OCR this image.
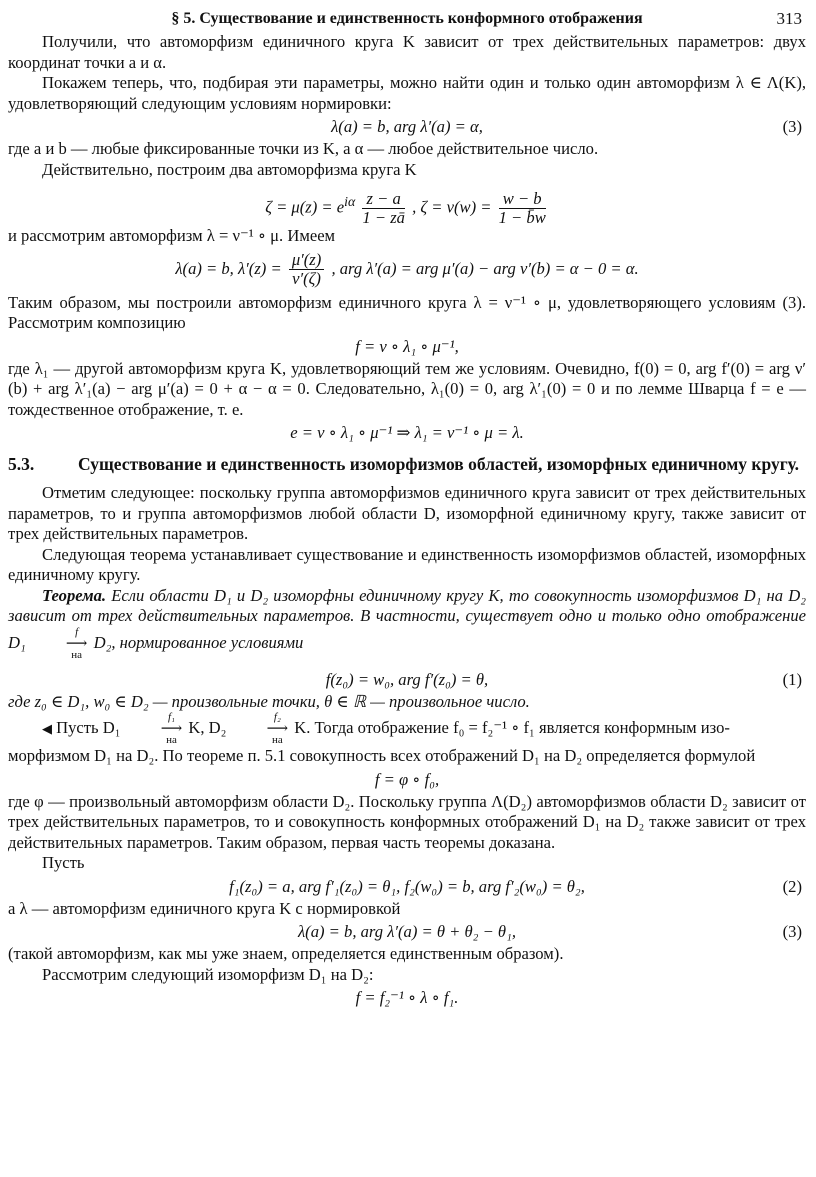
§ 5. Существование и единственность конформного отображения	313

Получили, что автоморфизм единичного круга K зависит от трех действительных параметров: двух координат точки a и α.

Покажем теперь, что, подбирая эти параметры, можно найти один и только один автоморфизм λ ∈ Λ(K), удовлетворяющий следующим условиям нормировки:

λ(a) = b, arg λ′(a) = α,	(3)

где a и b — любые фиксированные точки из K, а α — любое действительное число.

Действительно, построим два автоморфизма круга K

$\zeta = \mu(z) = e^{i\alpha} \frac{z - a}{1 - zā}$ , $\zeta = \nu(w) = \frac{w - b}{1 - b̄w}$

и рассмотрим автоморфизм λ = ν⁻¹ ∘ μ. Имеем

λ(a) = b, $\lambda'(z) = \frac{\mu'(z)}{\nu'(\zeta)}$ , arg λ′(a) = arg μ′(a) − arg ν′(b) = α − 0 = α.

Таким образом, мы построили автоморфизм единичного круга λ = ν⁻¹ ∘ μ, удовлетворяющего условиям (3). Рассмотрим композицию

f = ν ∘ λ₁ ∘ μ⁻¹,

где λ₁ — другой автоморфизм круга K, удовлетворяющий тем же условиям. Очевидно, f(0) = 0, arg f′(0) = arg ν′(b) + arg λ′₁(a) − arg μ′(a) = 0 + α − α = 0. Следовательно, λ₁(0) = 0, arg λ′₁(0) = 0 и по лемме Шварца f = e — тождественное отображение, т. е.

e = ν ∘ λ₁ ∘ μ⁻¹ ⇒ λ₁ = ν⁻¹ ∘ μ = λ.
5.3.	Существование и единственность изоморфизмов областей, изоморфных единичному кругу.

Отметим следующее: поскольку группа автоморфизмов единичного круга зависит от трех действительных параметров, то и группа автоморфизмов любой области D, изоморфной единичному кругу, также зависит от трех действительных параметров.

Следующая теорема устанавливает существование и единственность изоморфизмов областей, изоморфных единичному кругу.

Теорема. Если области D₁ и D₂ изоморфны единичному кругу K, то совокупность изоморфизмов D₁ на D₂ зависит от трех действительных параметров. В частности, существует одно и только одно отображение D₁
f
⟶
на
D₂, нормированное условиями

f(z₀) = w₀, arg f′(z₀) = θ,	(1)

где z₀ ∈ D₁, w₀ ∈ D₂ — произвольные точки, θ ∈ ℝ — произвольное число.

◀ Пусть D₁
f₁
⟶
на
K, D₂
f₂
⟶
на
K. Тогда отображение f₀ = f₂⁻¹ ∘ f₁ является конформным изо-

морфизмом D₁ на D₂. По теореме п. 5.1 совокупность всех отображений D₁ на D₂ определяется формулой

f = φ ∘ f₀,

где φ — произвольный автоморфизм области D₂. Поскольку группа Λ(D₂) автоморфизмов области D₂ зависит от трех действительных параметров, то и совокупность конформных отображений D₁ на D₂ также зависит от трех действительных параметров. Таким образом, первая часть теоремы доказана.

Пусть

f₁(z₀) = a, arg f′₁(z₀) = θ₁, f₂(w₀) = b, arg f′₂(w₀) = θ₂,	(2)

а λ — автоморфизм единичного круга K с нормировкой

λ(a) = b, arg λ′(a) = θ + θ₂ − θ₁,	(3)

(такой автоморфизм, как мы уже знаем, определяется единственным образом).

Рассмотрим следующий изоморфизм D₁ на D₂:

f = f₂⁻¹ ∘ λ ∘ f₁.
